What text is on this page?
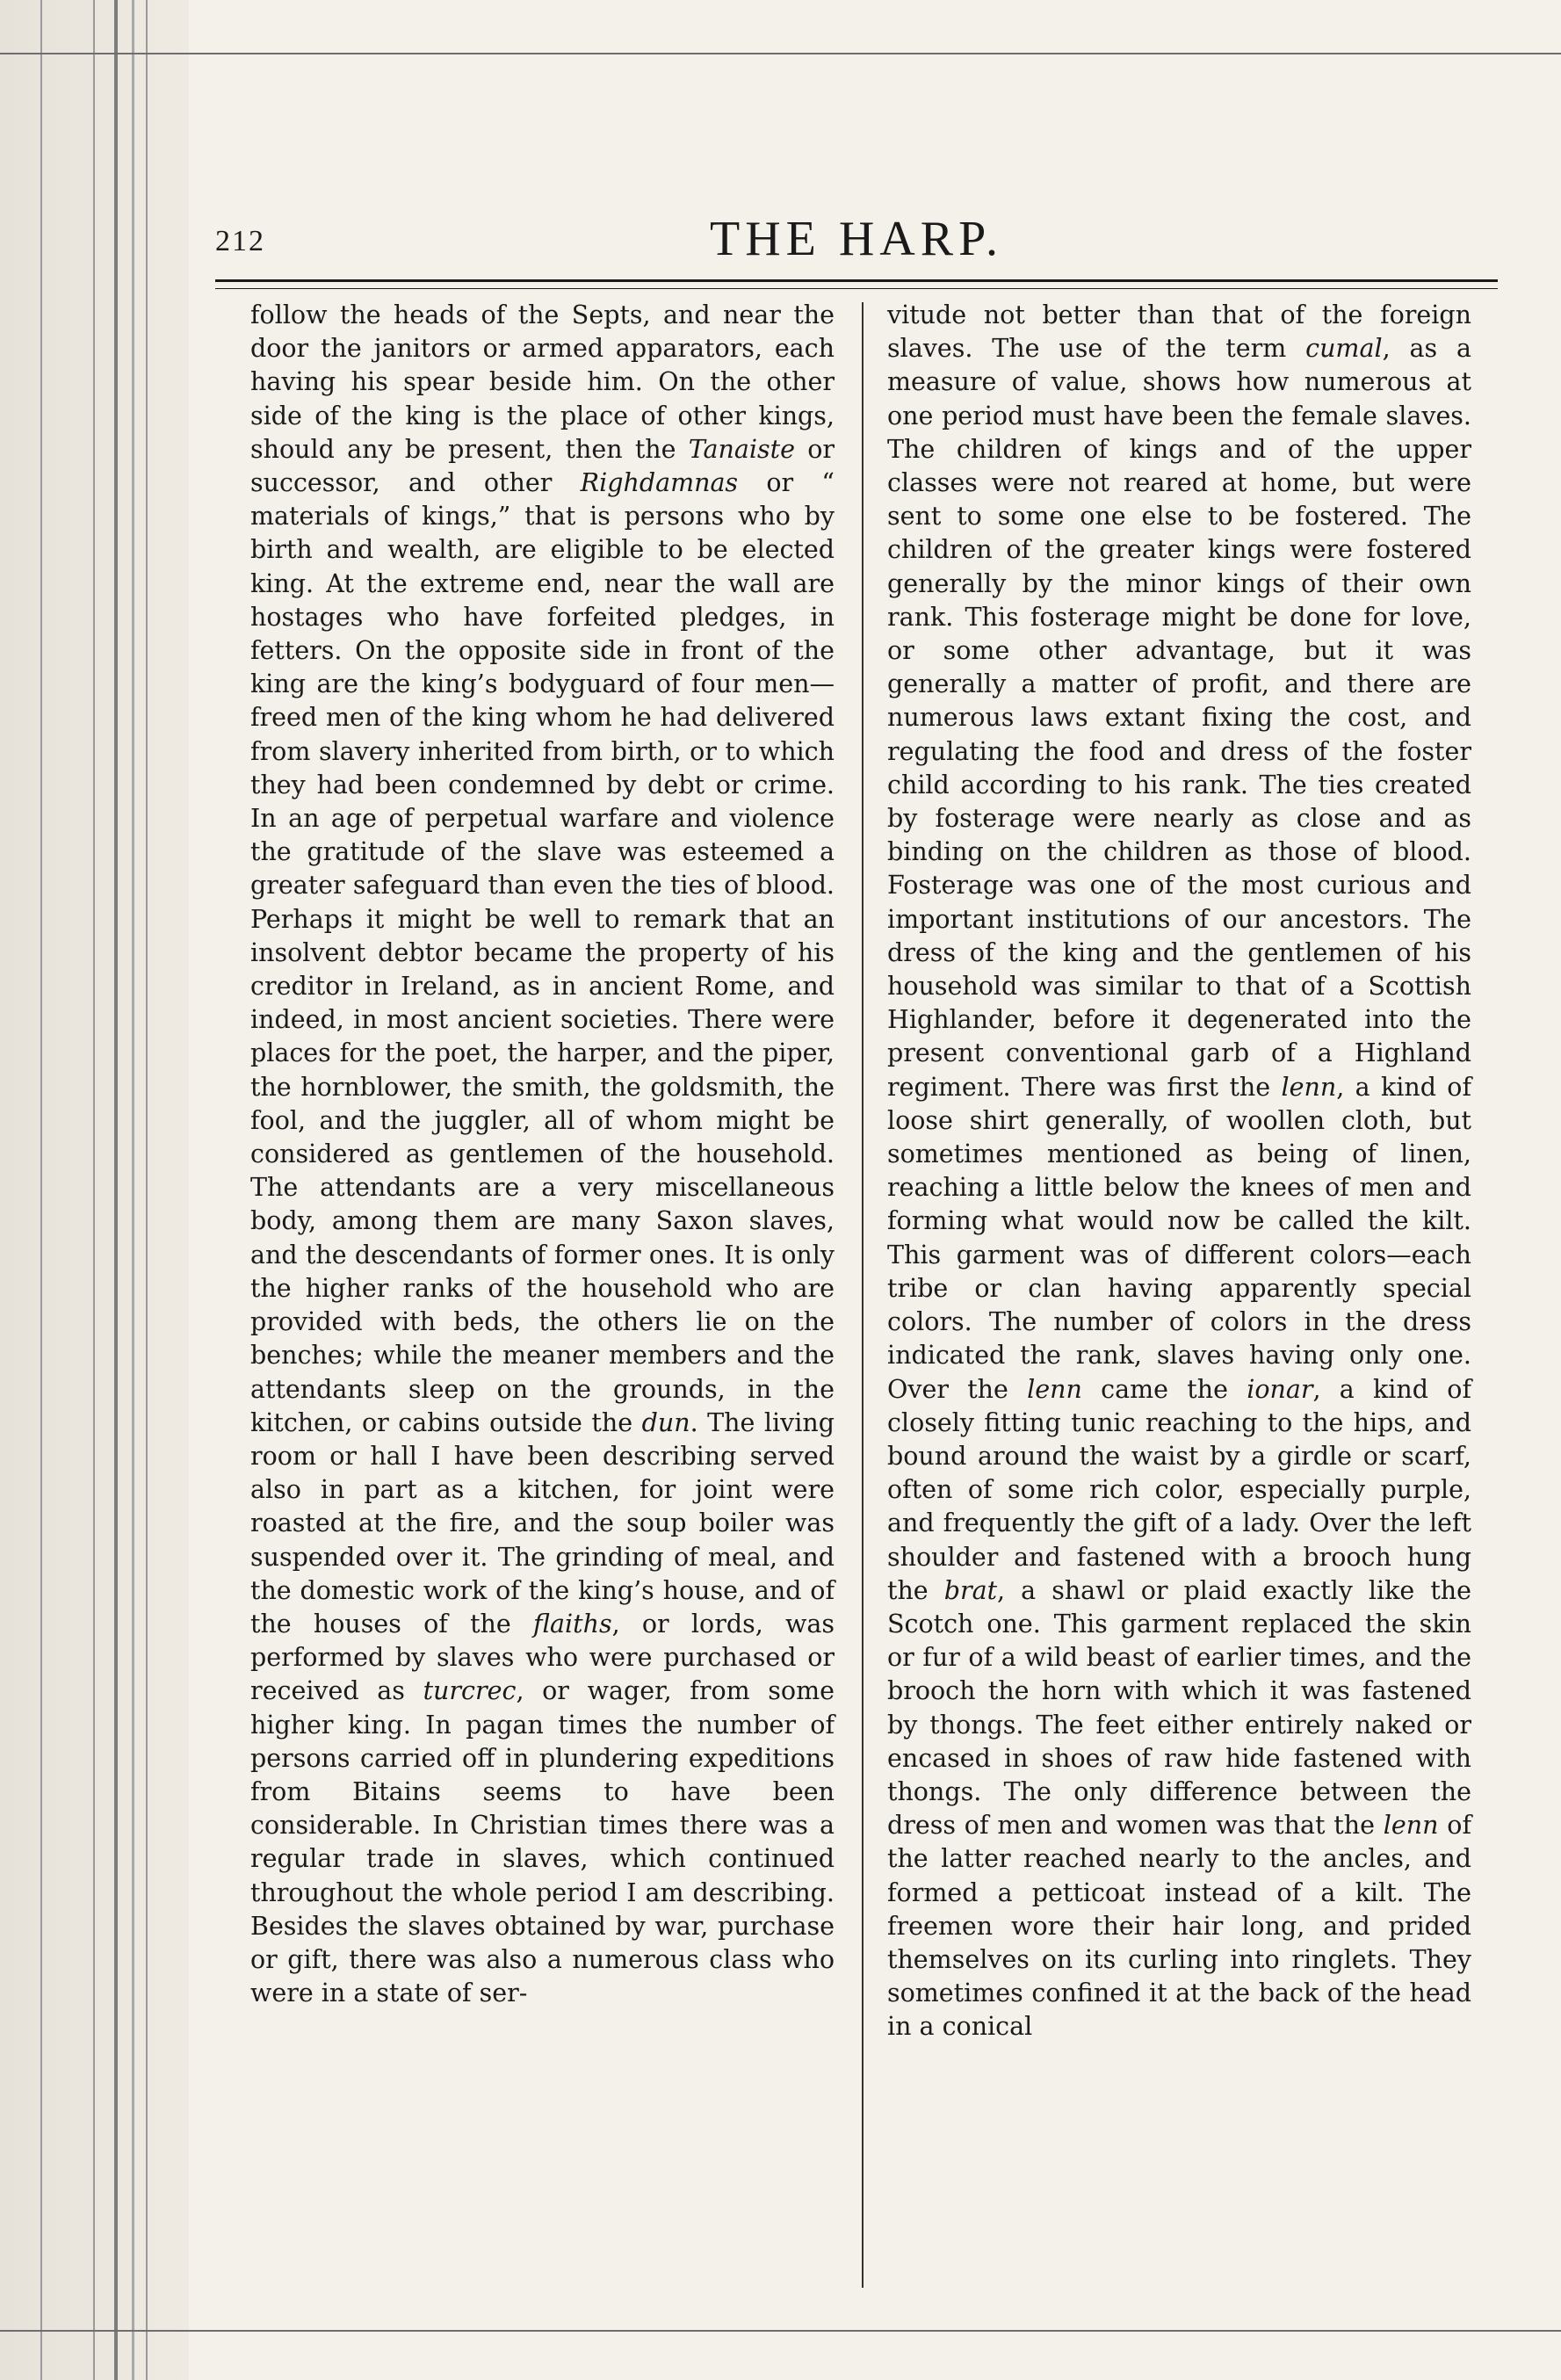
212	THE HARP.

follow the heads of the Septs, and near the door the janitors or armed apparators, each having his spear beside him. On the other side of the king is the place of other kings, should any be present, then the Tanaiste or successor, and other Righdamnas or “ materials of kings,” that is persons who by birth and wealth, are eligible to be elected king. At the extreme end, near the wall are hostages who have forfeited pledges, in fetters. On the opposite side in front of the king are the king’s bodyguard of four men—freed men of the king whom he had delivered from slavery inherited from birth, or to which they had been condemned by debt or crime. In an age of perpetual warfare and violence the gratitude of the slave was esteemed a greater safeguard than even the ties of blood. Perhaps it might be well to remark that an insolvent debtor became the property of his creditor in Ireland, as in ancient Rome, and indeed, in most ancient societies. There were places for the poet, the harper, and the piper, the hornblower, the smith, the goldsmith, the fool, and the juggler, all of whom might be considered as gentlemen of the household. The attendants are a very miscellaneous body, among them are many Saxon slaves, and the descendants of former ones. It is only the higher ranks of the household who are provided with beds, the others lie on the benches; while the meaner members and the attendants sleep on the grounds, in the kitchen, or cabins outside the dun. The living room or hall I have been describing served also in part as a kitchen, for joint were roasted at the fire, and the soup boiler was suspended over it. The grinding of meal, and the domestic work of the king’s house, and of the houses of the flaiths, or lords, was performed by slaves who were purchased or received as turcrec, or wager, from some higher king. In pagan times the number of persons carried off in plundering expeditions from Bitains seems to have been considerable. In Christian times there was a regular trade in slaves, which continued throughout the whole period I am describing. Besides the slaves obtained by war, purchase or gift, there was also a numerous class who were in a state of ser-

vitude not better than that of the foreign slaves. The use of the term cumal, as a measure of value, shows how numerous at one period must have been the female slaves. The children of kings and of the upper classes were not reared at home, but were sent to some one else to be fostered. The children of the greater kings were fostered generally by the minor kings of their own rank. This fosterage might be done for love, or some other advantage, but it was generally a matter of profit, and there are numerous laws extant fixing the cost, and regulating the food and dress of the foster child according to his rank. The ties created by fosterage were nearly as close and as binding on the children as those of blood. Fosterage was one of the most curious and important institutions of our ancestors. The dress of the king and the gentlemen of his household was similar to that of a Scottish Highlander, before it degenerated into the present conventional garb of a Highland regiment. There was first the lenn, a kind of loose shirt generally, of woollen cloth, but sometimes mentioned as being of linen, reaching a little below the knees of men and forming what would now be called the kilt. This garment was of different colors—each tribe or clan having apparently special colors. The number of colors in the dress indicated the rank, slaves having only one. Over the lenn came the ionar, a kind of closely fitting tunic reaching to the hips, and bound around the waist by a girdle or scarf, often of some rich color, especially purple, and frequently the gift of a lady. Over the left shoulder and fastened with a brooch hung the brat, a shawl or plaid exactly like the Scotch one. This garment replaced the skin or fur of a wild beast of earlier times, and the brooch the horn with which it was fastened by thongs. The feet either entirely naked or encased in shoes of raw hide fastened with thongs. The only difference between the dress of men and women was that the lenn of the latter reached nearly to the ancles, and formed a petticoat instead of a kilt. The freemen wore their hair long, and prided themselves on its curling into ringlets. They sometimes confined it at the back of the head in a conical
